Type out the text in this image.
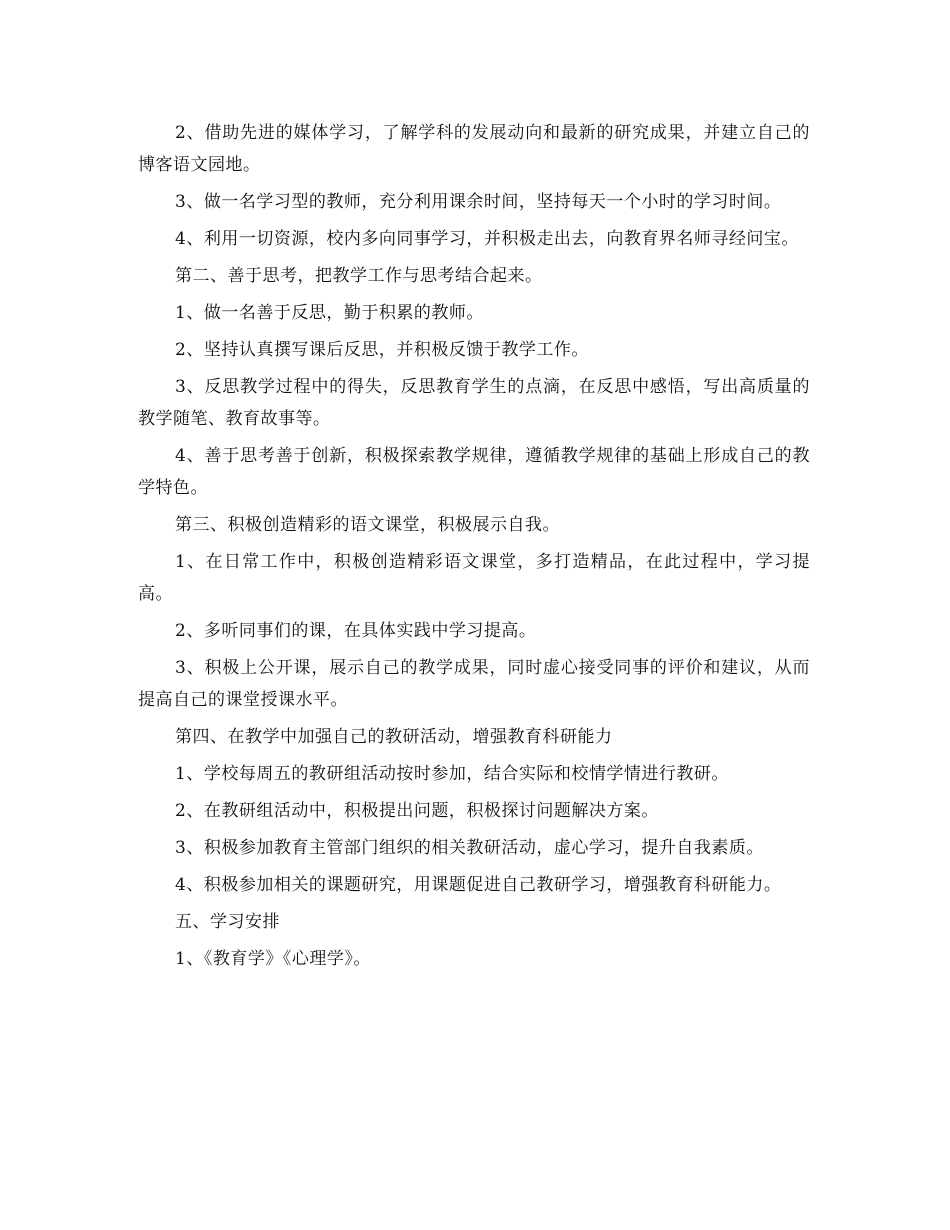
2、借助先进的媒体学习，了解学科的发展动向和最新的研究成果，并建立自己的博客语文园地。

3、做一名学习型的教师，充分利用课余时间，坚持每天一个小时的学习时间。

4、利用一切资源，校内多向同事学习，并积极走出去，向教育界名师寻经问宝。

第二、善于思考，把教学工作与思考结合起来。

1、做一名善于反思，勤于积累的教师。

2、坚持认真撰写课后反思，并积极反馈于教学工作。

3、反思教学过程中的得失，反思教育学生的点滴，在反思中感悟，写出高质量的教学随笔、教育故事等。

4、善于思考善于创新，积极探索教学规律，遵循教学规律的基础上形成自己的教学特色。

第三、积极创造精彩的语文课堂，积极展示自我。

1、在日常工作中，积极创造精彩语文课堂，多打造精品，在此过程中，学习提高。

2、多听同事们的课，在具体实践中学习提高。

3、积极上公开课，展示自己的教学成果，同时虚心接受同事的评价和建议，从而提高自己的课堂授课水平。

第四、在教学中加强自己的教研活动，增强教育科研能力

1、学校每周五的教研组活动按时参加，结合实际和校情学情进行教研。

2、在教研组活动中，积极提出问题，积极探讨问题解决方案。

3、积极参加教育主管部门组织的相关教研活动，虚心学习，提升自我素质。

4、积极参加相关的课题研究，用课题促进自己教研学习，增强教育科研能力。

五、学习安排

1、《教育学》《心理学》。
